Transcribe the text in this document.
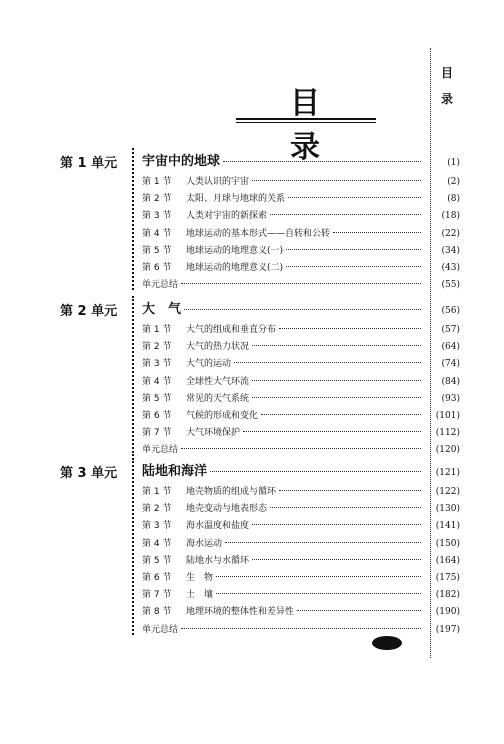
目 录
目
录
第 1 单元 宇宙中的地球	(1)
第 1 节	人类认识的宇宙	(2)
第 2 节	太阳、月球与地球的关系	(8)
第 3 节	人类对宇宙的新探索	(18)
第 4 节	地球运动的基本形式——自转和公转	(22)
第 5 节	地球运动的地理意义(一)	(34)
第 6 节	地球运动的地理意义(二)	(43)
单元总结	(55)
第 2 单元 大　气	(56)
第 1 节	大气的组成和垂直分布	(57)
第 2 节	大气的热力状况	(64)
第 3 节	大气的运动	(74)
第 4 节	全球性大气环流	(84)
第 5 节	常见的天气系统	(93)
第 6 节	气候的形成和变化	(101)
第 7 节	大气环境保护	(112)
单元总结	(120)
第 3 单元 陆地和海洋	(121)
第 1 节	地壳物质的组成与循环	(122)
第 2 节	地壳变动与地表形态	(130)
第 3 节	海水温度和盐度	(141)
第 4 节	海水运动	(150)
第 5 节	陆地水与水循环	(164)
第 6 节	生　物	(175)
第 7 节	土　壤	(182)
第 8 节	地理环境的整体性和差异性	(190)
单元总结	(197)
